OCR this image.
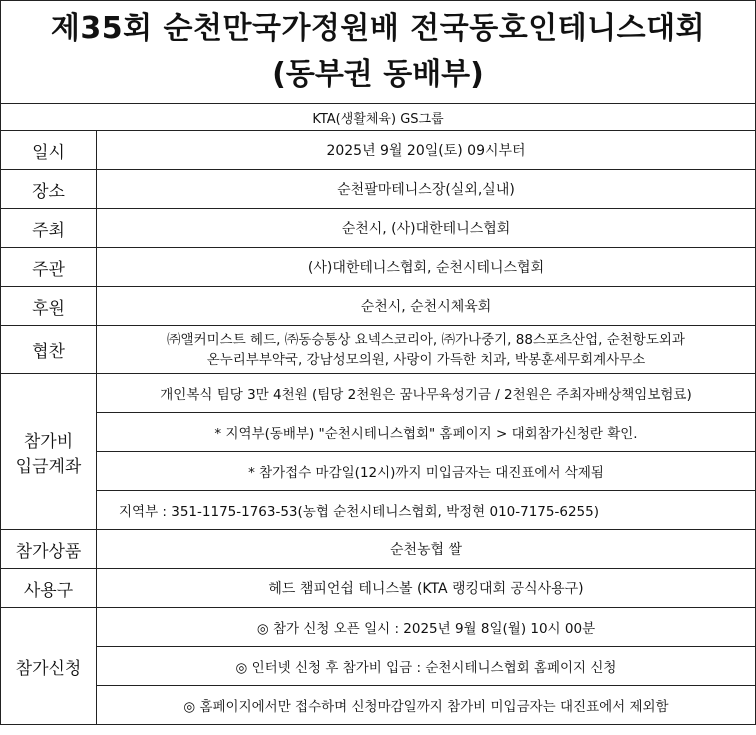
제35회 순천만국가정원배 전국동호인테니스대회
(동부권 동배부)	

KTA(생활체육) GS그룹	
일시	2025년 9월 20일(토) 09시부터
장소	순천팔마테니스장(실외,실내)
주최	순천시, (사)대한테니스협회
주관	(사)대한테니스협회, 순천시테니스협회
후원	순천시, 순천시체육회
협찬	㈜앨커미스트 헤드, ㈜동승통상 요넥스코리아, ㈜가나중기, 88스포츠산업, 순천항도외과
온누리부부약국, 강남성모의원, 사랑이 가득한 치과, 박봉훈세무회계사무소

참가비
입금계좌	개인복식 팀당 3만 4천원 (팀당 2천원은 꿈나무육성기금 / 2천원은 주최자배상책임보험료)
	* 지역부(동배부) "순천시테니스협회" 홈페이지 > 대회참가신청란 확인.
	* 참가접수 마감일(12시)까지 미입금자는 대진표에서 삭제됨
	지역부 : 351-1175-1763-53(농협 순천시테니스협회, 박정현 010-7175-6255)
참가상품	순천농협 쌀
사용구	헤드 챔피언쉽 테니스볼 (KTA 랭킹대회 공식사용구)
참가신청	◎ 참가 신청 오픈 일시 : 2025년 9월 8일(월) 10시 00분
	◎ 인터넷 신청 후 참가비 입금 : 순천시테니스협회 홈페이지 신청
	◎ 홈페이지에서만 접수하며 신청마감일까지 참가비 미입금자는 대진표에서 제외함
